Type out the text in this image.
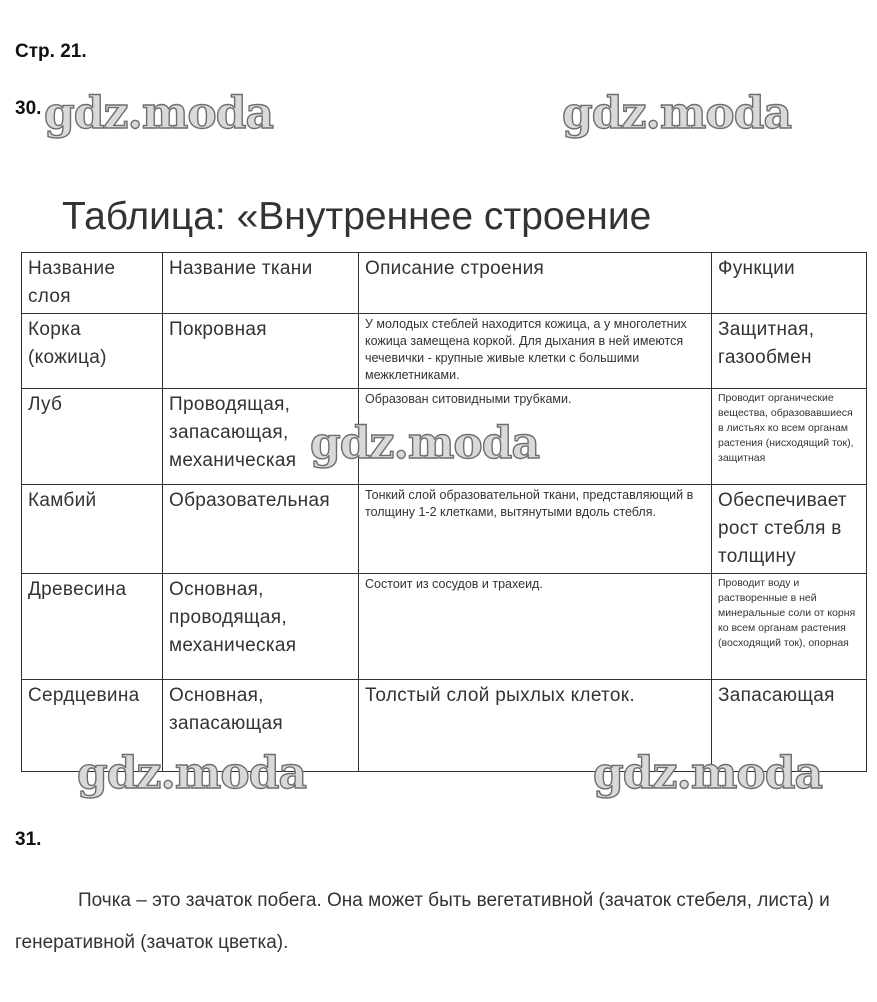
Стр. 21.
30. gdz.moda	gdz.moda
Таблица: «Внутреннее строение
Название слоя	Название ткани	Описание строения	Функции
Корка (кожица)	Покровная	У молодых стеблей находится кожица, а у многолетних кожица замещена коркой. Для дыхания в ней имеются чечевички - крупные живые клетки с большими межклетниками.	Защитная, газообмен
Луб	Проводящая, запасающая, механическая	Образован ситовидными трубками.	Проводит органические вещества, образовавшиеся в листьях ко всем органам растения (нисходящий ток), защитная
Камбий	Образовательная	Тонкий слой образовательной ткани, представляющий в толщину 1-2 клетками, вытянутыми вдоль стебля.	Обеспечивает рост стебля в толщину
Древесина	Основная, проводящая, механическая	Состоит из сосудов и трахеид.	Проводит воду и растворенные в ней минеральные соли от корня ко всем органам растения (восходящий ток), опорная
Сердцевина	Основная, запасающая	Толстый слой рыхлых клеток.	Запасающая
gdz.moda
gdz.moda	gdz.moda
31.

Почка – это зачаток побега. Она может быть вегетативной (зачаток стебеля, листа) и генеративной (зачаток цветка).
